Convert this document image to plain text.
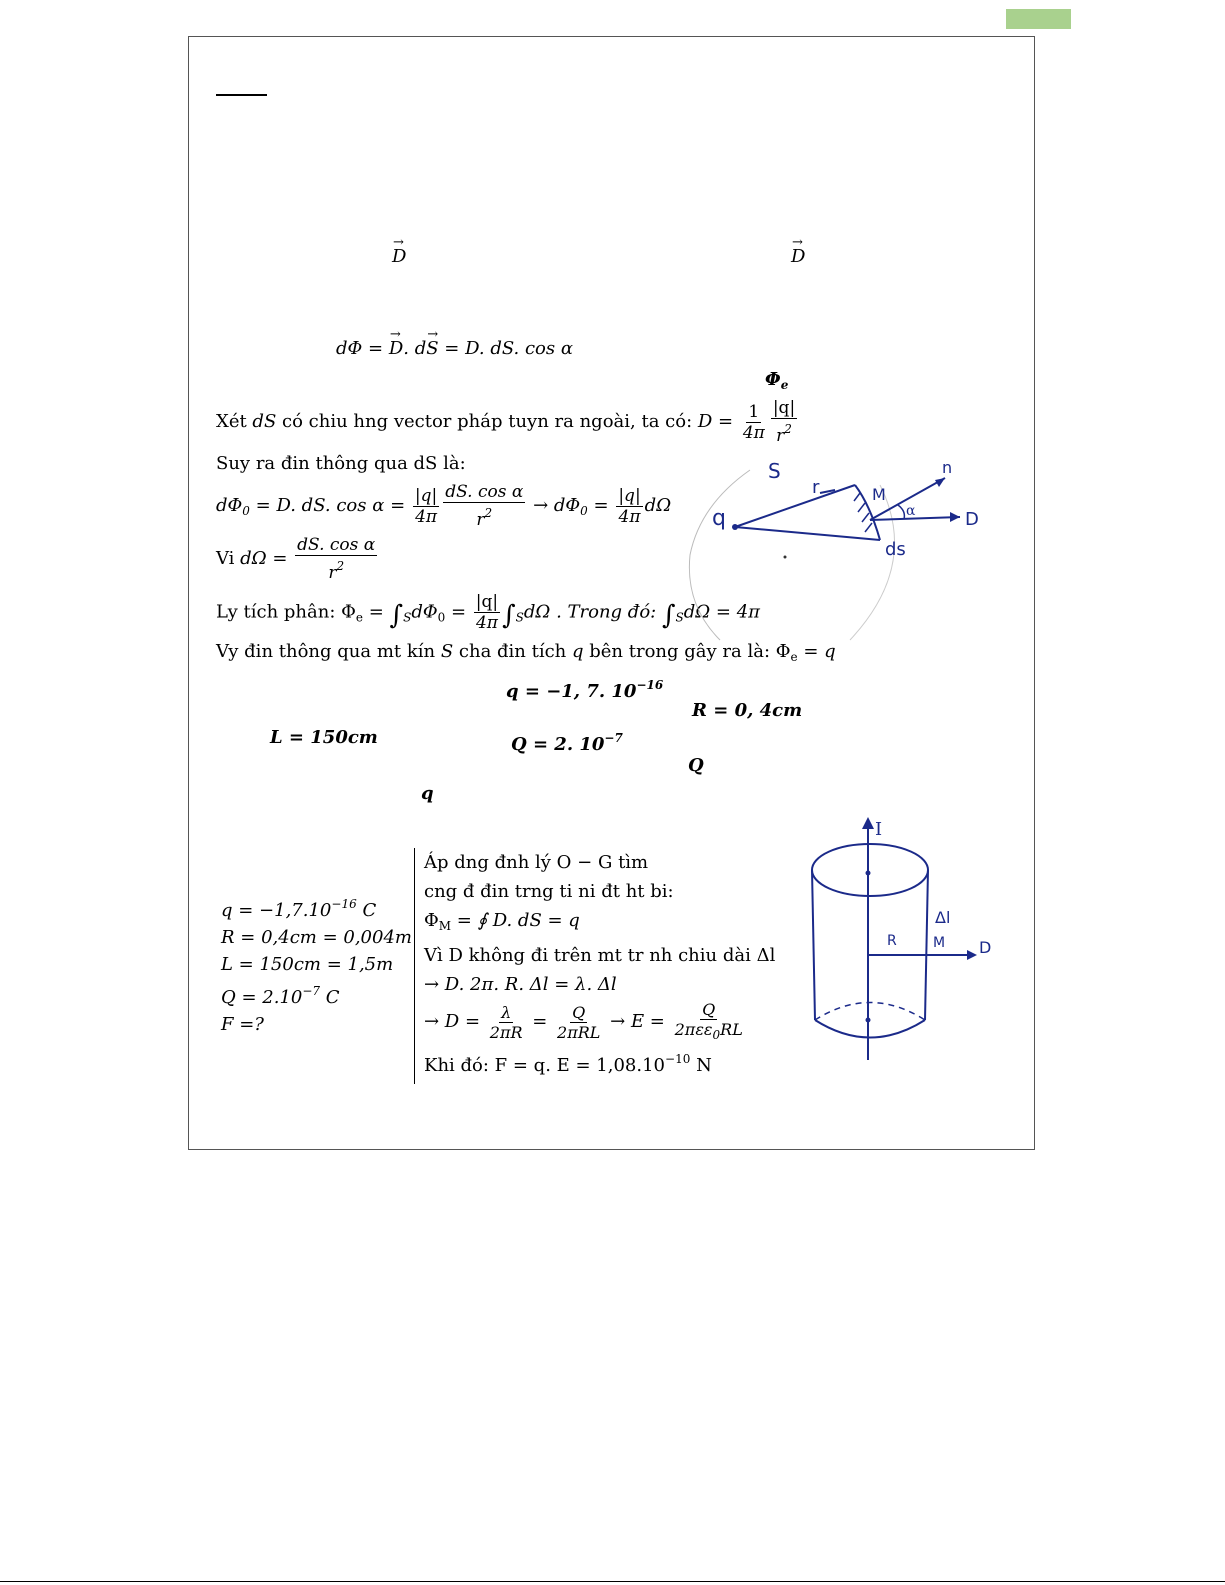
→ D
→	D
dΦ = → D. d→ S = D. dS. cos α
$\Phi_e$
Xét dS có chiu hng vector pháp tuyn ra ngoài, ta có: $D = \frac{1}{4\pi} \frac{|q|}{r^2}$
Suy ra đin thông qua dS là:
$d\Phi_0 = D$. dS. $\cos \alpha = \frac{|q|}{4\pi} \frac{\text{dS. cos α}}{r^2} \to d\Phi_0 = \frac{|q|}{4\pi}$ dΩ
Vi $d\Omega = \frac{\text{dS. cos α}}{r^2}$
Ly tích phân: $\Phi_e = \int_Sd\Phi_0 = \frac{|q|}{4\pi} \int_Sd\Omega$ . Trong đó: $\int_Sd\Omega = 4\pi$
Vy đin thông qua mt kín S cha đin tích q bên trong gây ra là: $\Phi_e = q$
q = −1, 7. $10^{-16}$
R = 0, 4cm
L = 150cm	Q = 2. $10^{-7}$
Q
q
$q = -1,7.10^{-16}$ C
R = 0,4cm = 0,004m
L = 150cm = 1,5m
$Q = 2.10^{-7}$ C
F =?
Áp dng đnh lý O − G tìm
cng đ đin trng ti ni đt ht bi:
$\Phi_M$ = ∮ D. dS = q
Vì D không đi trên mt tr nh chiu dài Δl
→ D. 2π. R. Δl = λ. Δl
→ $D = \frac{\lambda}{2\pi R} = \frac{Q}{\text{2πRL}} \to E = \frac{Q}{2\pi\varepsilon\varepsilon_0RL}$
Khi đó: F = q. $E = 1,08.10^{-10}$ N
S
q
r	M
n
α	D
ds
I
Δl
R	M D
